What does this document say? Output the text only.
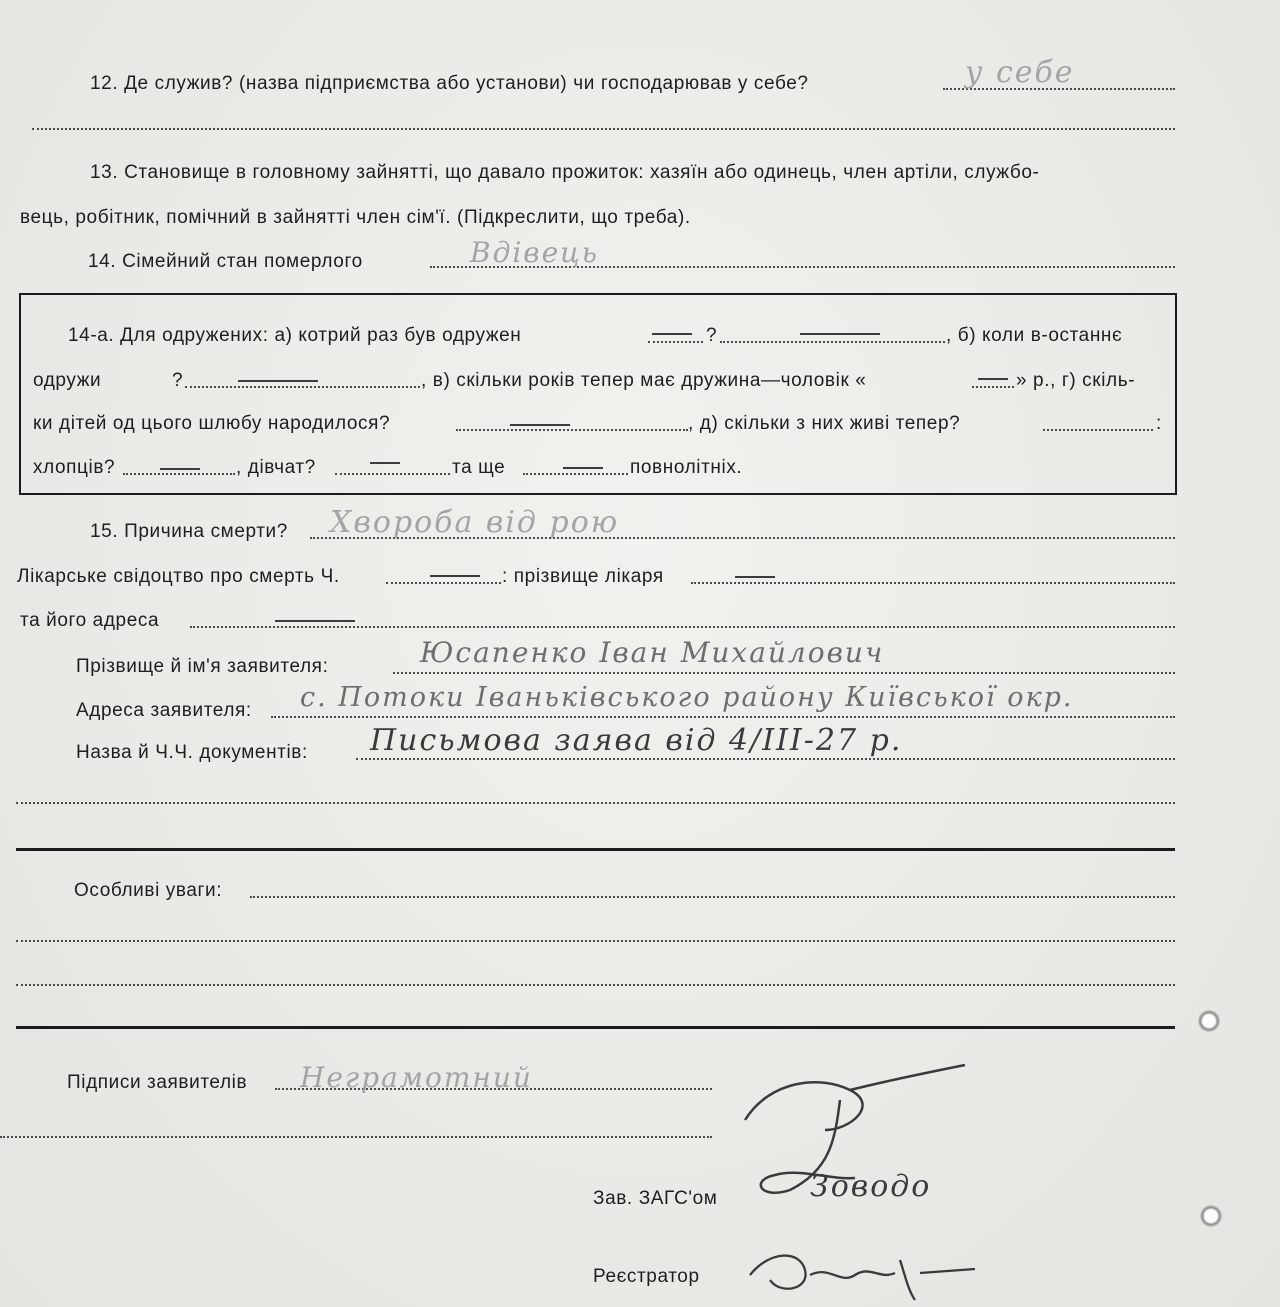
12. Де служив? (назва підприємства або установи) чи господарював у себе?	у себе
13. Становище в головному зайнятті, що давало прожиток: хазяїн або одинець, член артіли, службо-
вець, робітник, помічний в зайнятті член сім'ї. (Підкреслити, що треба).
14. Сімейний стан померлого	Вдівець
14-а. Для одружених: а) котрий раз був одружен	?	, б) коли в-останнє
одружи	?	, в) скільки років тепер має дружина—чоловік «	» р., г) скіль-
ки дітей од цього шлюбу народилося?	, д) скільки з них живі тепер?	:
хлопців?	, дівчат?	та ще	повнолітніх.
15. Причина смерти? Хвороба від рою
Лікарське свідоцтво про смерть Ч.	: прізвище лікаря
та його адреса
Прізвище й ім'я заявителя:	Юсапенко Іван Михайлович
Адреса заявителя: с. Потоки Іваньківського району Київської окр.
Назва й Ч.Ч. документів: Письмова заява від 4/III-27 р.
Особливі уваги:
Підписи заявителів Неграмотний
Зав. ЗАГС'ом	Зоводо
Реєстратор
